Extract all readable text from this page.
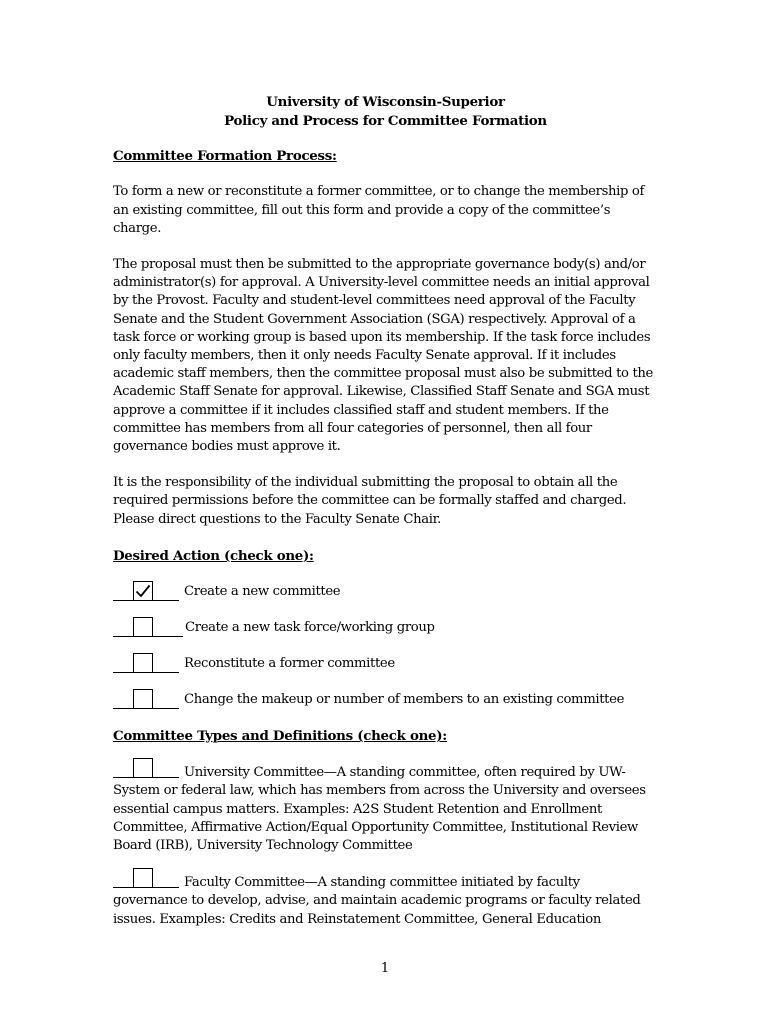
University of Wisconsin-Superior

Policy and Process for Committee Formation

Committee Formation Process:

To form a new or reconstitute a former committee, or to change the membership of an existing committee, fill out this form and provide a copy of the committee’s charge.

The proposal must then be submitted to the appropriate governance body(s) and/or administrator(s) for approval. A University-level committee needs an initial approval by the Provost. Faculty and student-level committees need approval of the Faculty Senate and the Student Government Association (SGA) respectively. Approval of a task force or working group is based upon its membership. If the task force includes only faculty members, then it only needs Faculty Senate approval. If it includes academic staff members, then the committee proposal must also be submitted to the Academic Staff Senate for approval. Likewise, Classified Staff Senate and SGA must approve a committee if it includes classified staff and student members. If the committee has members from all four categories of personnel, then all four governance bodies must approve it.

It is the responsibility of the individual submitting the proposal to obtain all the required permissions before the committee can be formally staffed and charged. Please direct questions to the Faculty Senate Chair.

Desired Action (check one):

Create a new committee
Create a new task force/working group
Reconstitute a former committee
Change the makeup or number of members to an existing committee

Committee Types and Definitions (check one):

University Committee—A standing committee, often required by UW-System or federal law, which has members from across the University and oversees essential campus matters. Examples: A2S Student Retention and Enrollment Committee, Affirmative Action/Equal Opportunity Committee, Institutional Review Board (IRB), University Technology Committee

Faculty Committee—A standing committee initiated by faculty governance to develop, advise, and maintain academic programs or faculty related issues. Examples: Credits and Reinstatement Committee, General Education

1
